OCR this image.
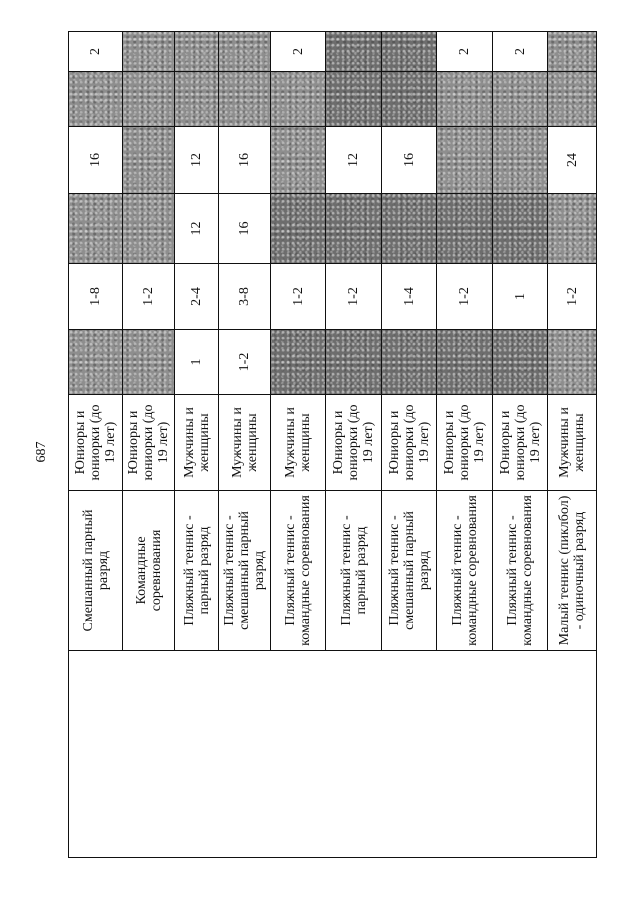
687
	Смешанный парный разряд	Юниоры и юниорки (до 19 лет)		1-8		16		2
	Командные соревнования	Юниоры и юниорки (до 19 лет)		1-2				
	Пляжный теннис - парный разряд	Мужчины и женщины	1	2-4	12	12		
	Пляжный теннис - смешанный парный разряд	Мужчины и женщины	1-2	3-8	16	16		
	Пляжный теннис - командные соревнования	Мужчины и женщины		1-2				2
	Пляжный теннис - парный разряд	Юниоры и юниорки (до 19 лет)		1-2		12		
	Пляжный теннис - смешанный парный разряд	Юниоры и юниорки (до 19 лет)		1-4		16		
	Пляжный теннис - командные соревнования	Юниоры и юниорки (до 19 лет)		1-2				2
	Пляжный теннис - командные соревнования	Юниоры и юниорки (до 19 лет)		1				2
	Малый теннис (пиклбол) - одиночный разряд	Мужчины и женщины		1-2		24		
